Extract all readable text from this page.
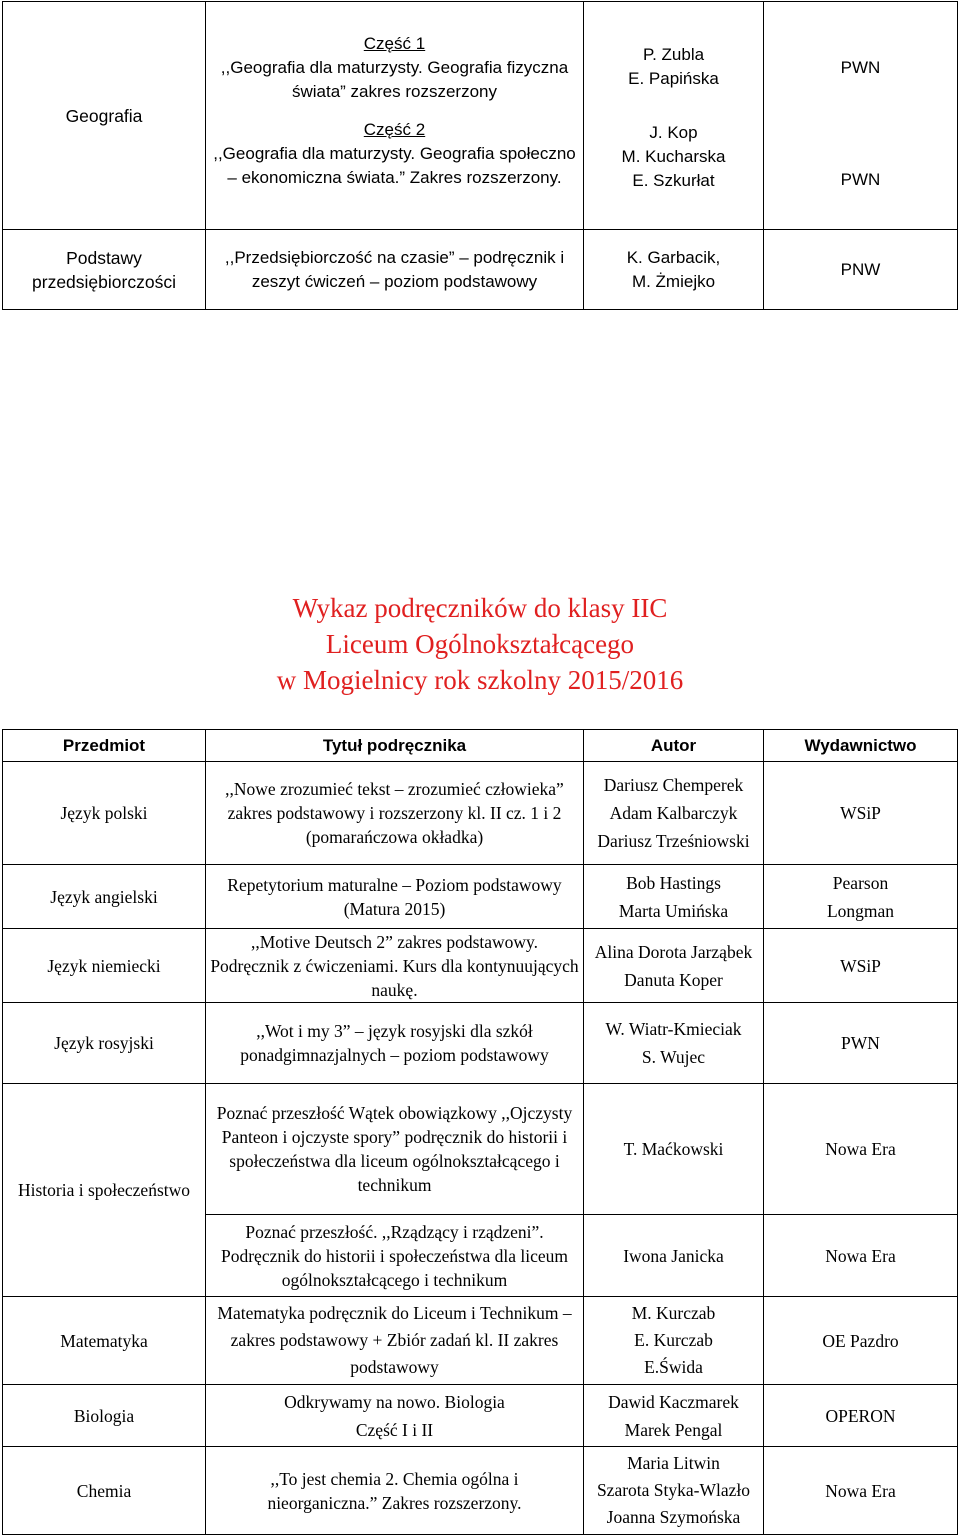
Geografia	Część 1
,,Geografia dla maturzysty. Geografia fizyczna świata” zakres rozszerzony
Część 2
,,Geografia dla maturzysty. Geografia społeczno – ekonomiczna świata.” Zakres rozszerzony.	P. Zubla
E. Papińska
J. Kop
M. Kucharska
E. Szkurłat	PWN
PWN

Podstawy przedsiębiorczości	,,Przedsiębiorczość na czasie” – podręcznik i zeszyt ćwiczeń – poziom podstawowy	K. Garbacik,
M. Żmiejko	PNW
Wykaz podręczników do klasy IIC
Liceum Ogólnokształcącego
w Mogielnicy rok szkolny 2015/2016
Przedmiot	Tytuł podręcznika	Autor	Wydawnictwo
Język polski	,,Nowe zrozumieć tekst – zrozumieć człowieka” zakres podstawowy i rozszerzony kl. II cz. 1 i 2 (pomarańczowa okładka)	Dariusz Chemperek
Adam Kalbarczyk
Dariusz Trześniowski	WSiP
Język angielski	Repetytorium maturalne – Poziom podstawowy (Matura 2015)	Bob Hastings
Marta Umińska	Pearson
Longman

Język niemiecki	,,Motive Deutsch 2” zakres podstawowy. Podręcznik z ćwiczeniami. Kurs dla kontynuujących naukę.	Alina Dorota Jarząbek
Danuta Koper	WSiP
Język rosyjski	,,Wot i my 3” – język rosyjski dla szkół ponadgimnazjalnych – poziom podstawowy	W. Wiatr-Kmieciak
S. Wujec	PWN
Historia i społeczeństwo	Poznać przeszłość Wątek obowiązkowy ,,Ojczysty Panteon i ojczyste spory” podręcznik do historii i społeczeństwa dla liceum ogólnokształcącego i technikum	T. Maćkowski	Nowa Era
	Poznać przeszłość. ,,Rządzący i rządzeni”. Podręcznik do historii i społeczeństwa dla liceum ogólnokształcącego i technikum	Iwona Janicka	Nowa Era
Matematyka	Matematyka podręcznik do Liceum i Technikum – zakres podstawowy + Zbiór zadań kl. II zakres podstawowy	M. Kurczab
E. Kurczab
E.Świda	OE Pazdro
Biologia	Odkrywamy na nowo. Biologia Część I i II	Dawid Kaczmarek
Marek Pengal	OPERON
Chemia	,,To jest chemia 2. Chemia ogólna i nieorganiczna.” Zakres rozszerzony.	Maria Litwin
Szarota Styka-Wlazło
Joanna Szymońska	Nowa Era
